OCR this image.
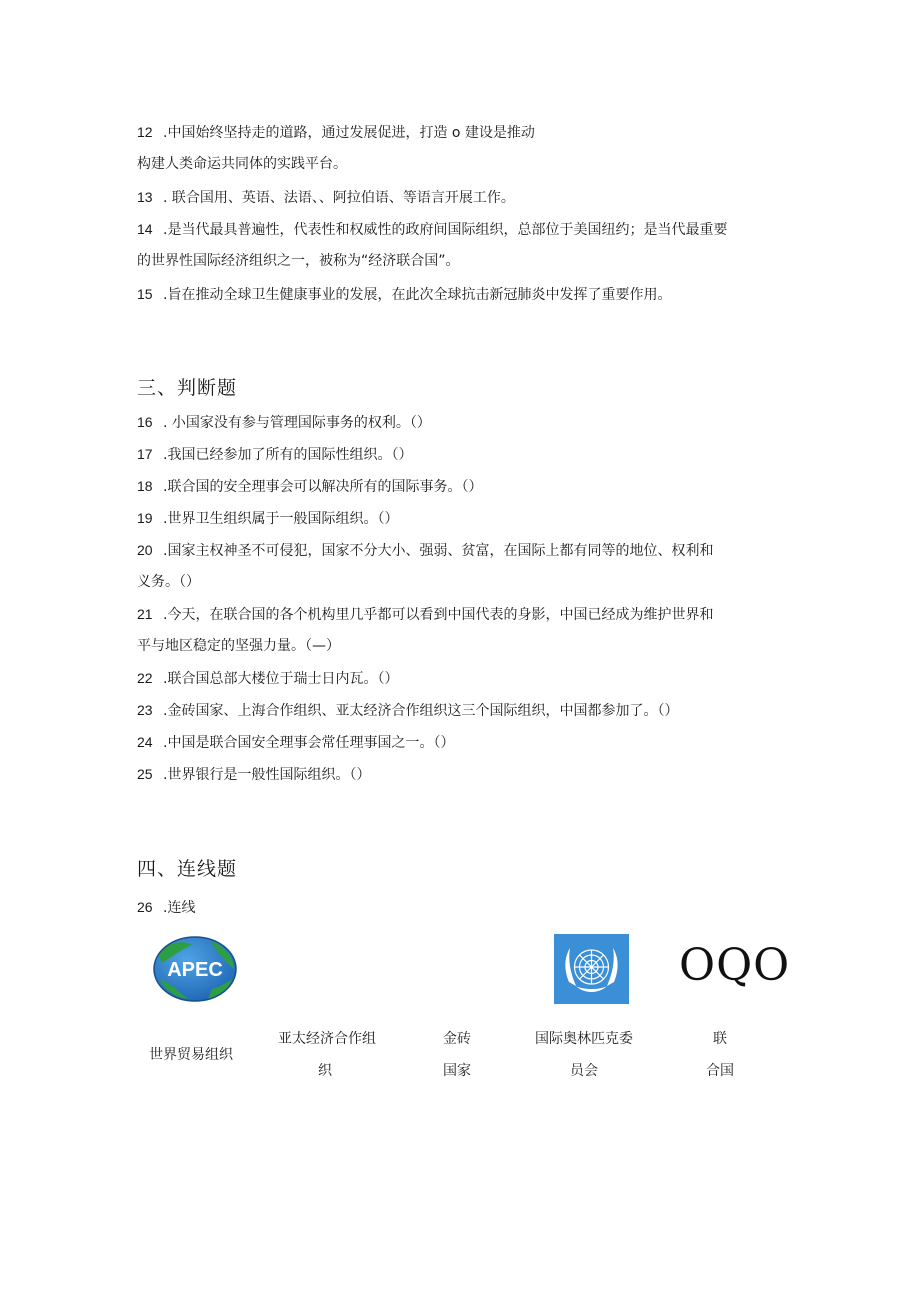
12 .中国始终坚持走的道路，通过发展促进，打造 o 建设是推动
构建人类命运共同体的实践平台。
13 . 联合国用、英语、法语、、阿拉伯语、等语言开展工作。
14 .是当代最具普遍性，代表性和权威性的政府间国际组织，总部位于美国纽约；是当代最重要
的世界性国际经济组织之一，被称为“经济联合国”。
15 .旨在推动全球卫生健康事业的发展，在此次全球抗击新冠肺炎中发挥了重要作用。
三、判断题
16 . 小国家没有参与管理国际事务的权利。（）
17 .我国已经参加了所有的国际性组织。（）
18 .联合国的安全理事会可以解决所有的国际事务。（）
19 .世界卫生组织属于一般国际组织。（）
20 .国家主权神圣不可侵犯，国家不分大小、强弱、贫富，在国际上都有同等的地位、权利和
义务。（）
21 .今天，在联合国的各个机构里几乎都可以看到中国代表的身影，中国已经成为维护世界和
平与地区稳定的坚强力量。（—）
22 .联合国总部大楼位于瑞士日内瓦。（）
23 .金砖国家、上海合作组织、亚太经济合作组织这三个国际组织，中国都参加了。（）
24 .中国是联合国安全理事会常任理事国之一。（）
25 .世界银行是一般性国际组织。（）
四、连线题
26 .连线
APEC	OQO
世界贸易组织
亚太经济合作组
织
金砖
国家
国际奥林匹克委
员会
联
合国
